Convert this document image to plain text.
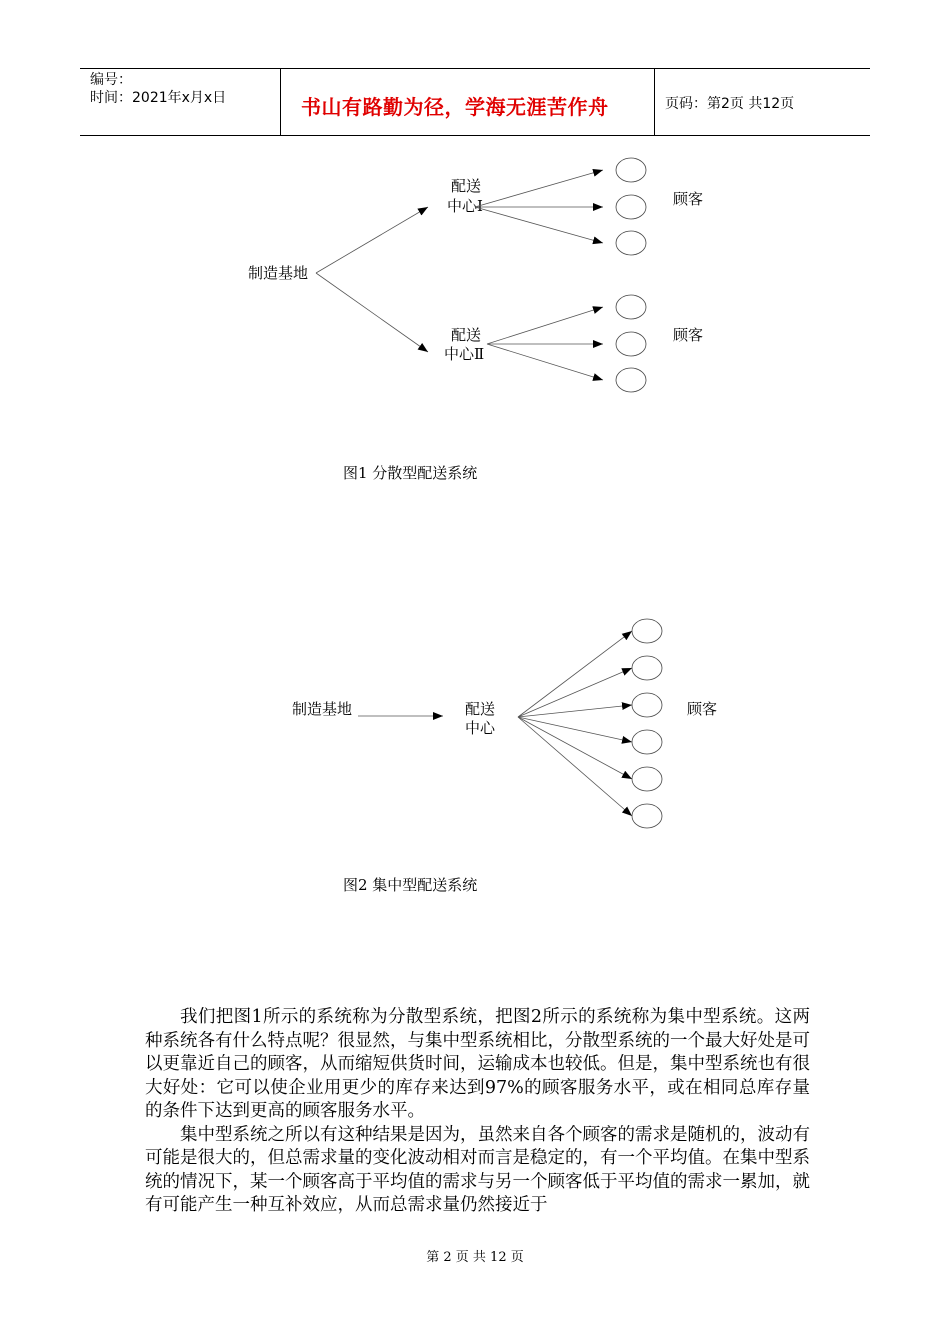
编号：
时间：2021年x月x日	书山有路勤为径，学海无涯苦作舟	页码：第2页 共12页
制造基地
配送
中心Ⅰ
配送
中心Ⅱ
顾客
顾客
制造基地	配送
中心
顾客
图1 分散型配送系统
图2 集中型配送系统

我们把图1所示的系统称为分散型系统，把图2所示的系统称为集中型系统。这两种系统各有什么特点呢？很显然，与集中型系统相比，分散型系统的一个最大好处是可以更靠近自己的顾客，从而缩短供货时间，运输成本也较低。但是，集中型系统也有很大好处：它可以使企业用更少的库存来达到97%的顾客服务水平，或在相同总库存量的条件下达到更高的顾客服务水平。

集中型系统之所以有这种结果是因为，虽然来自各个顾客的需求是随机的，波动有可能是很大的，但总需求量的变化波动相对而言是稳定的，有一个平均值。在集中型系统的情况下，某一个顾客高于平均值的需求与另一个顾客低于平均值的需求一累加，就有可能产生一种互补效应，从而总需求量仍然接近于

第 2 页 共 12 页
